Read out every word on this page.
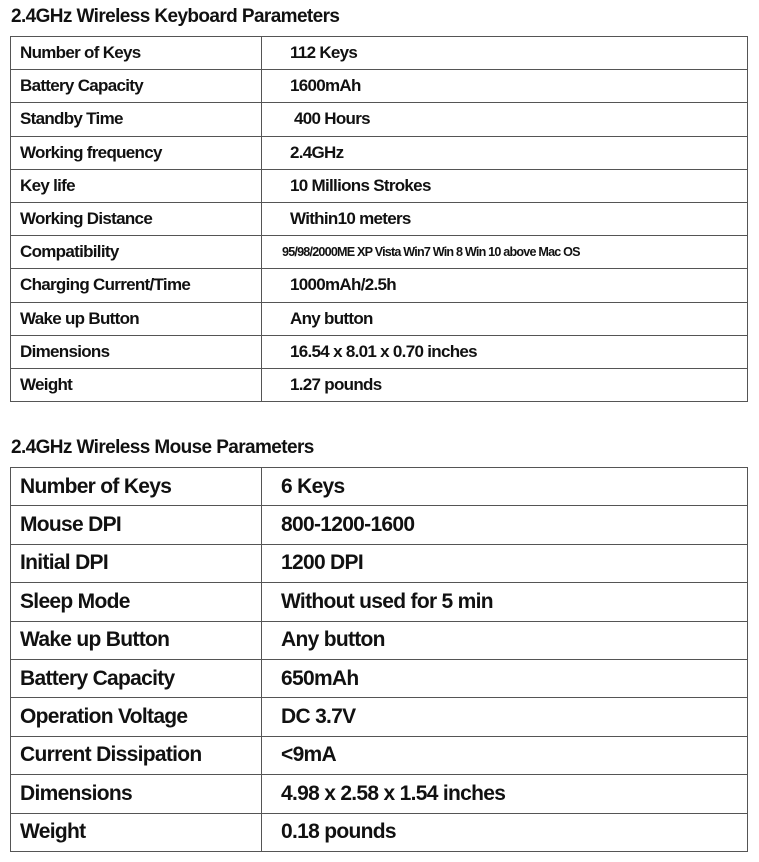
2.4GHz Wireless Keyboard Parameters
Number of Keys	112 Keys
Battery Capacity	1600mAh
Standby Time	400 Hours
Working frequency	2.4GHz
Key life	10 Millions Strokes
Working Distance	Within10 meters
Compatibility	95/98/2000ME XP Vista Win7 Win 8 Win 10 above Mac OS
Charging Current/Time	1000mAh/2.5h
Wake up Button	Any button
Dimensions	16.54 x 8.01 x 0.70 inches
Weight	1.27 pounds
2.4GHz Wireless Mouse Parameters
Number of Keys	6 Keys
Mouse DPI	800-1200-1600
Initial DPI	1200 DPI
Sleep Mode	Without used for 5 min
Wake up Button	Any button
Battery Capacity	650mAh
Operation Voltage	DC 3.7V
Current Dissipation	<9mA
Dimensions	4.98 x 2.58 x 1.54 inches
Weight	0.18 pounds
